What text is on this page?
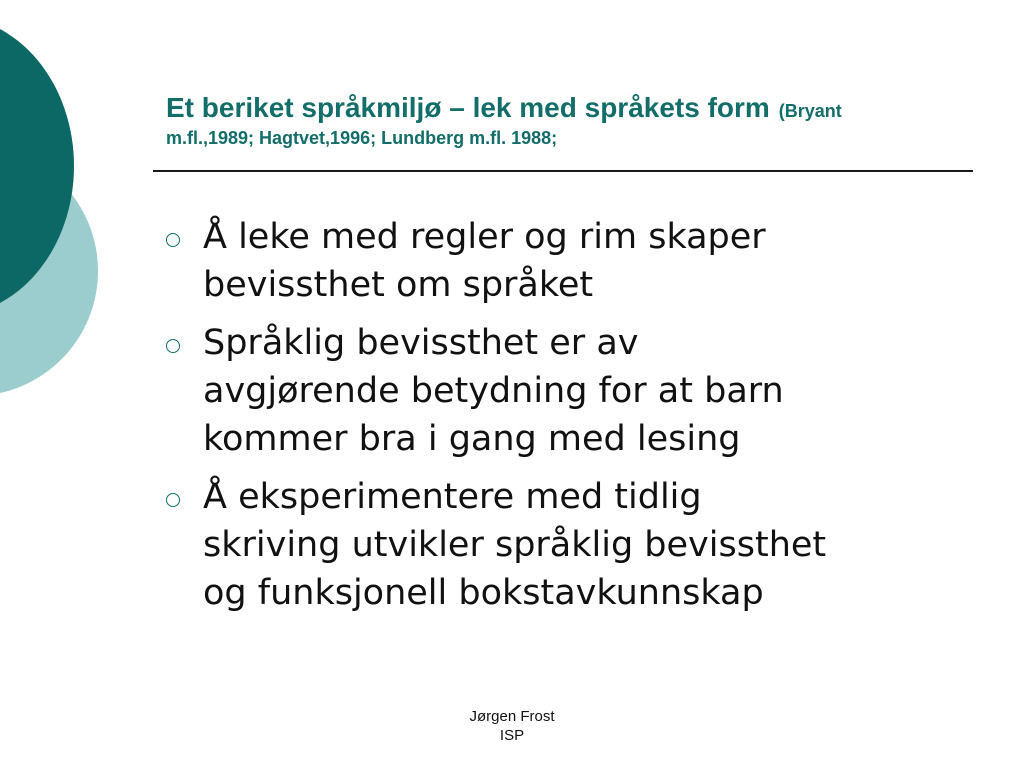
Et beriket språkmiljø – lek med språkets form (Bryant
m.fl.,1989; Hagtvet,1996; Lundberg m.fl. 1988;
Å leke med regler og rim skaper
bevissthet om språket
Språklig bevissthet er av
avgjørende betydning for at barn
kommer bra i gang med lesing
Å eksperimentere med tidlig
skriving utvikler språklig bevissthet
og funksjonell bokstavkunnskap
Jørgen Frost
ISP
